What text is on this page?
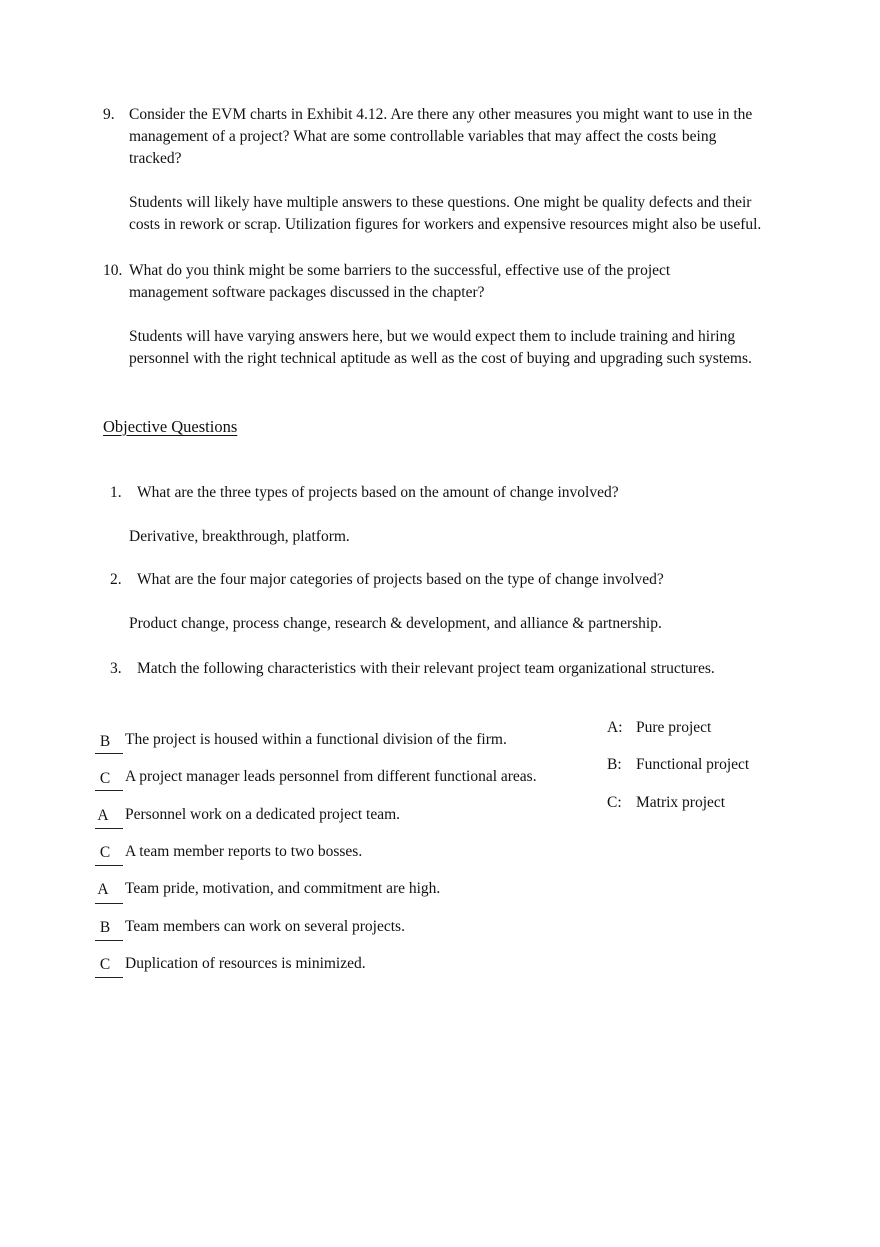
9. Consider the EVM charts in Exhibit 4.12. Are there any other measures you might want to use in the
management of a project? What are some controllable variables that may affect the costs being
tracked?
Students will likely have multiple answers to these questions. One might be quality defects and their
costs in rework or scrap. Utilization figures for workers and expensive resources might also be useful.
10. What do you think might be some barriers to the successful, effective use of the project
management software packages discussed in the chapter?
Students will have varying answers here, but we would expect them to include training and hiring
personnel with the right technical aptitude as well as the cost of buying and upgrading such systems.
Objective Questions
1. What are the three types of projects based on the amount of change involved?
Derivative, breakthrough, platform.
2. What are the four major categories of projects based on the type of change involved?
Product change, process change, research & development, and alliance & partnership.
3. Match the following characteristics with their relevant project team organizational structures.
B The project is housed within a functional division of the firm.
C A project manager leads personnel from different functional areas.
A	Personnel work on a dedicated project team.
C A team member reports to two bosses.
A	Team pride, motivation, and commitment are high.
B Team members can work on several projects.
C Duplication of resources is minimized.
A: Pure project
B: Functional project
C: Matrix project
